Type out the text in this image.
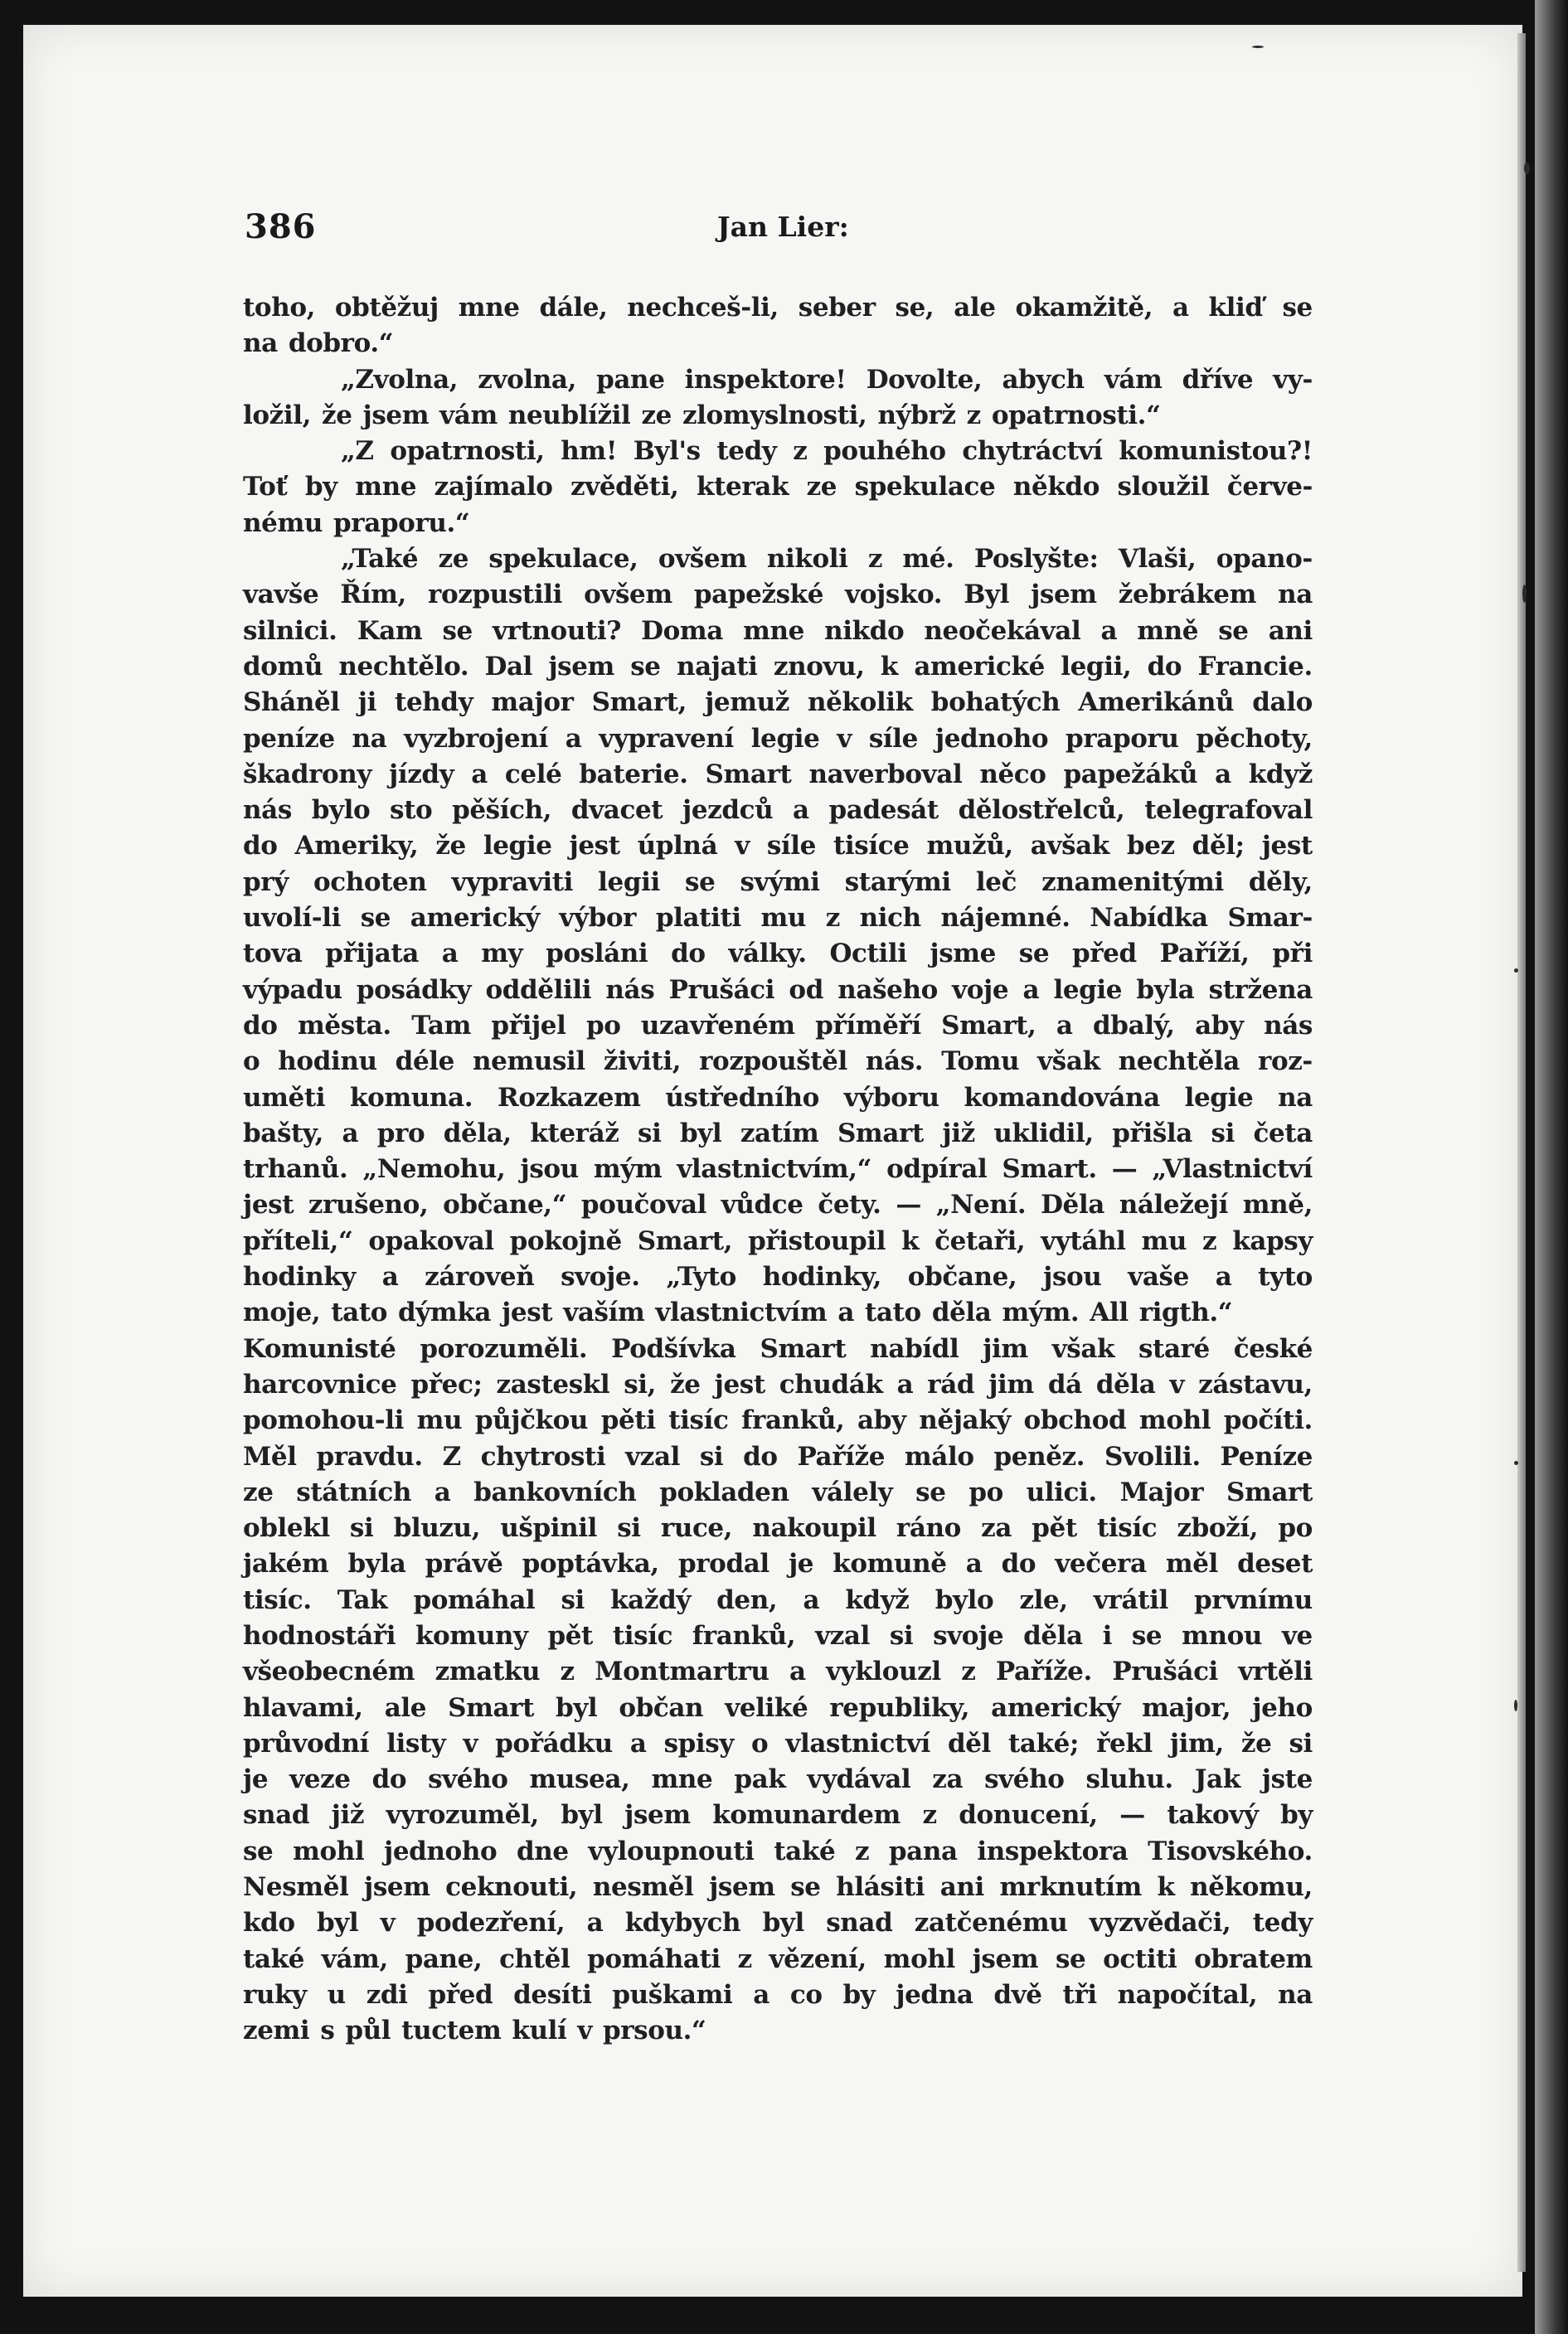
386	Jan Lier:
toho, obtěžuj mne dále, nechceš-li, seber se, ale okamžitě, a kliď se
na dobro.“
„Zvolna, zvolna, pane inspektore! Dovolte, abych vám dříve vy-
ložil, že jsem vám neublížil ze zlomyslnosti, nýbrž z opatrnosti.“
„Z opatrnosti, hm! Byl's tedy z pouhého chytráctví komunistou?!
Toť by mne zajímalo zvěděti, kterak ze spekulace někdo sloužil červe-
nému praporu.“
„Také ze spekulace, ovšem nikoli z mé. Poslyšte: Vlaši, opano-
vavše Řím, rozpustili ovšem papežské vojsko. Byl jsem žebrákem na
silnici. Kam se vrtnouti? Doma mne nikdo neočekával a mně se ani
domů nechtělo. Dal jsem se najati znovu, k americké legii, do Francie.
Sháněl ji tehdy major Smart, jemuž několik bohatých Amerikánů dalo
peníze na vyzbrojení a vypravení legie v síle jednoho praporu pěchoty,
škadrony jízdy a celé baterie. Smart naverboval něco papežáků a když
nás bylo sto pěších, dvacet jezdců a padesát dělostřelců, telegrafoval
do Ameriky, že legie jest úplná v síle tisíce mužů, avšak bez děl; jest
prý ochoten vypraviti legii se svými starými leč znamenitými děly,
uvolí-li se americký výbor platiti mu z nich nájemné. Nabídka Smar-
tova přijata a my posláni do války. Octili jsme se před Paříží, při
výpadu posádky oddělili nás Prušáci od našeho voje a legie byla stržena
do města. Tam přijel po uzavřeném příměří Smart, a dbalý, aby nás
o hodinu déle nemusil živiti, rozpouštěl nás. Tomu však nechtěla roz-
uměti komuna. Rozkazem ústředního výboru komandována legie na
bašty, a pro děla, kteráž si byl zatím Smart již uklidil, přišla si četa
trhanů. „Nemohu, jsou mým vlastnictvím,“ odpíral Smart. — „Vlastnictví
jest zrušeno, občane,“ poučoval vůdce čety. — „Není. Děla náležejí mně,
příteli,“ opakoval pokojně Smart, přistoupil k četaři, vytáhl mu z kapsy
hodinky a zároveň svoje. „Tyto hodinky, občane, jsou vaše a tyto
moje, tato dýmka jest vaším vlastnictvím a tato děla mým. All rigth.“
Komunisté porozuměli. Podšívka Smart nabídl jim však staré české
harcovnice přec; zasteskl si, že jest chudák a rád jim dá děla v zástavu,
pomohou-li mu půjčkou pěti tisíc franků, aby nějaký obchod mohl počíti.
Měl pravdu. Z chytrosti vzal si do Paříže málo peněz. Svolili. Peníze
ze státních a bankovních pokladen válely se po ulici. Major Smart
oblekl si bluzu, ušpinil si ruce, nakoupil ráno za pět tisíc zboží, po
jakém byla právě poptávka, prodal je komuně a do večera měl deset
tisíc. Tak pomáhal si každý den, a když bylo zle, vrátil prvnímu
hodnostáři komuny pět tisíc franků, vzal si svoje děla i se mnou ve
všeobecném zmatku z Montmartru a vyklouzl z Paříže. Prušáci vrtěli
hlavami, ale Smart byl občan veliké republiky, americký major, jeho
průvodní listy v pořádku a spisy o vlastnictví děl také; řekl jim, že si
je veze do svého musea, mne pak vydával za svého sluhu. Jak jste
snad již vyrozuměl, byl jsem komunardem z donucení, — takový by
se mohl jednoho dne vyloupnouti také z pana inspektora Tisovského.
Nesměl jsem ceknouti, nesměl jsem se hlásiti ani mrknutím k někomu,
kdo byl v podezření, a kdybych byl snad zatčenému vyzvědači, tedy
také vám, pane, chtěl pomáhati z vězení, mohl jsem se octiti obratem
ruky u zdi před desíti puškami a co by jedna dvě tři napočítal, na
zemi s půl tuctem kulí v prsou.“
